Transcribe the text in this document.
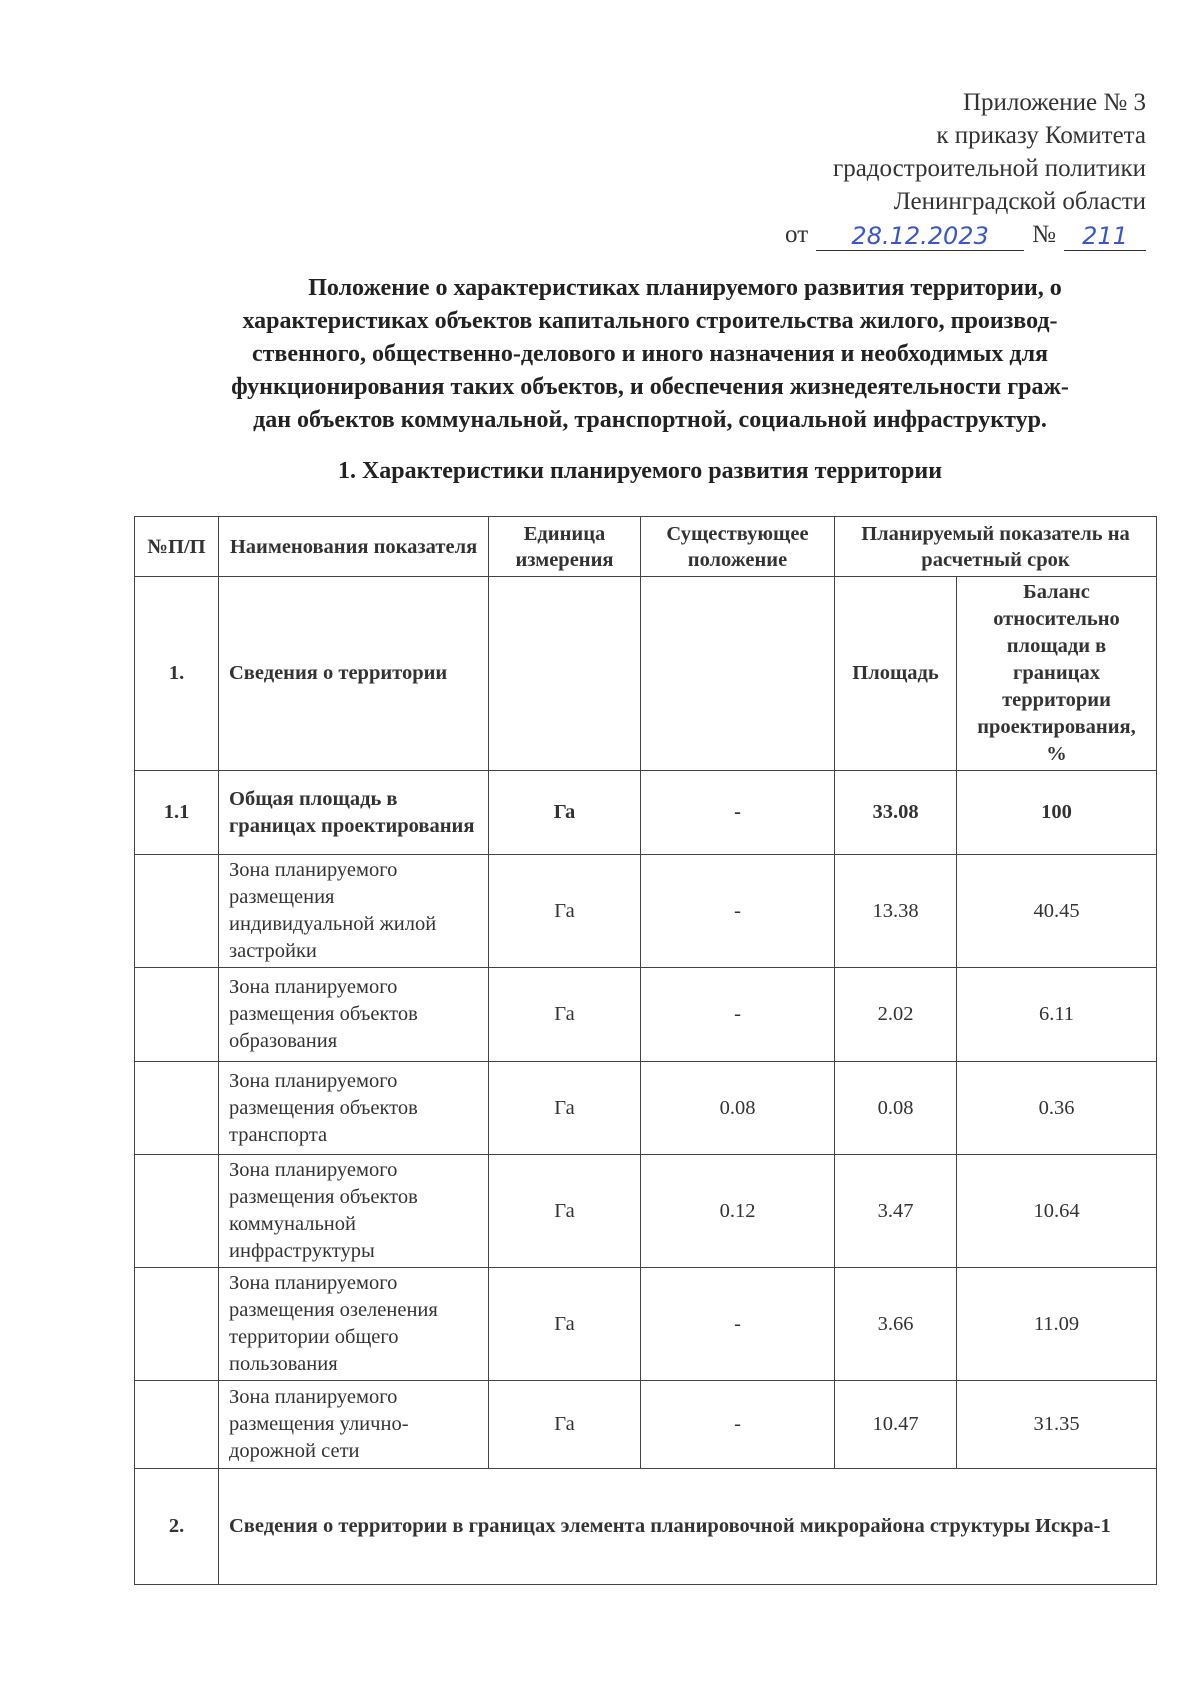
Приложение № 3
к приказу Комитета
градостроительной политики
Ленинградской области
от	28.12.2023	№	211
Положение о характеристиках планируемого развития территории, о
характеристиках объектов капитального строительства жилого, производ-
ственного, общественно-делового и иного назначения и необходимых для
функционирования таких объектов, и обеспечения жизнедеятельности граж-
дан объектов коммунальной, транспортной, социальной инфраструктур.
1. Характеристики планируемого развития территории
№П/П	Наименования показателя	Единица измерения	Существующее положение	Планируемый показатель на расчетный срок	
1.	Сведения о территории			Площадь	Баланс относительно площади в границах территории проектирования, %
1.1	Общая площадь в границах проектирования	Га	-	33.08	100
	Зона планируемого размещения индивидуальной жилой застройки	Га	-	13.38	40.45
	Зона планируемого размещения объектов образования	Га	-	2.02	6.11
	Зона планируемого размещения объектов транспорта	Га	0.08	0.08	0.36
	Зона планируемого размещения объектов коммунальной инфраструктуры	Га	0.12	3.47	10.64
	Зона планируемого размещения озеленения территории общего пользования	Га	-	3.66	11.09
	Зона планируемого размещения улично-дорожной сети	Га	-	10.47	31.35
2.	Сведения о территории в границах элемента планировочной микрорайона структуры Искра-1				
